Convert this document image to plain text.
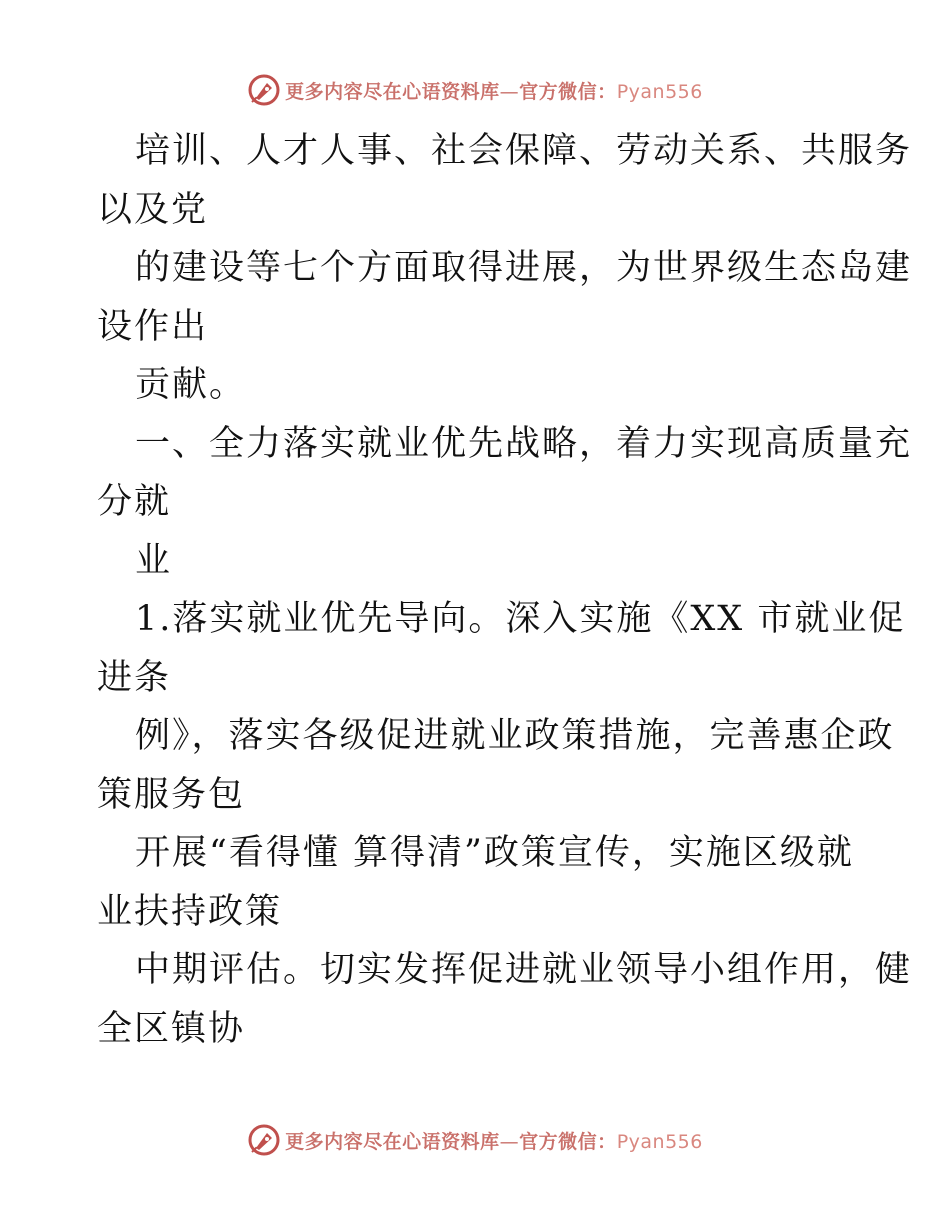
更多内容尽在心语资料库—官方微信：Pyan556
培训、人才人事、社会保障、劳动关系、共服务
以及党
的建设等七个方面取得进展，为世界级生态岛建
设作出
贡献。
一、全力落实就业优先战略，着力实现高质量充
分就
业
1.落实就业优先导向。深入实施《XX 市就业促
进条
例》，落实各级促进就业政策措施，完善惠企政
策服务包
开展“看得懂 算得清”政策宣传，实施区级就
业扶持政策
中期评估。切实发挥促进就业领导小组作用，健
全区镇协
更多内容尽在心语资料库—官方微信：Pyan556
